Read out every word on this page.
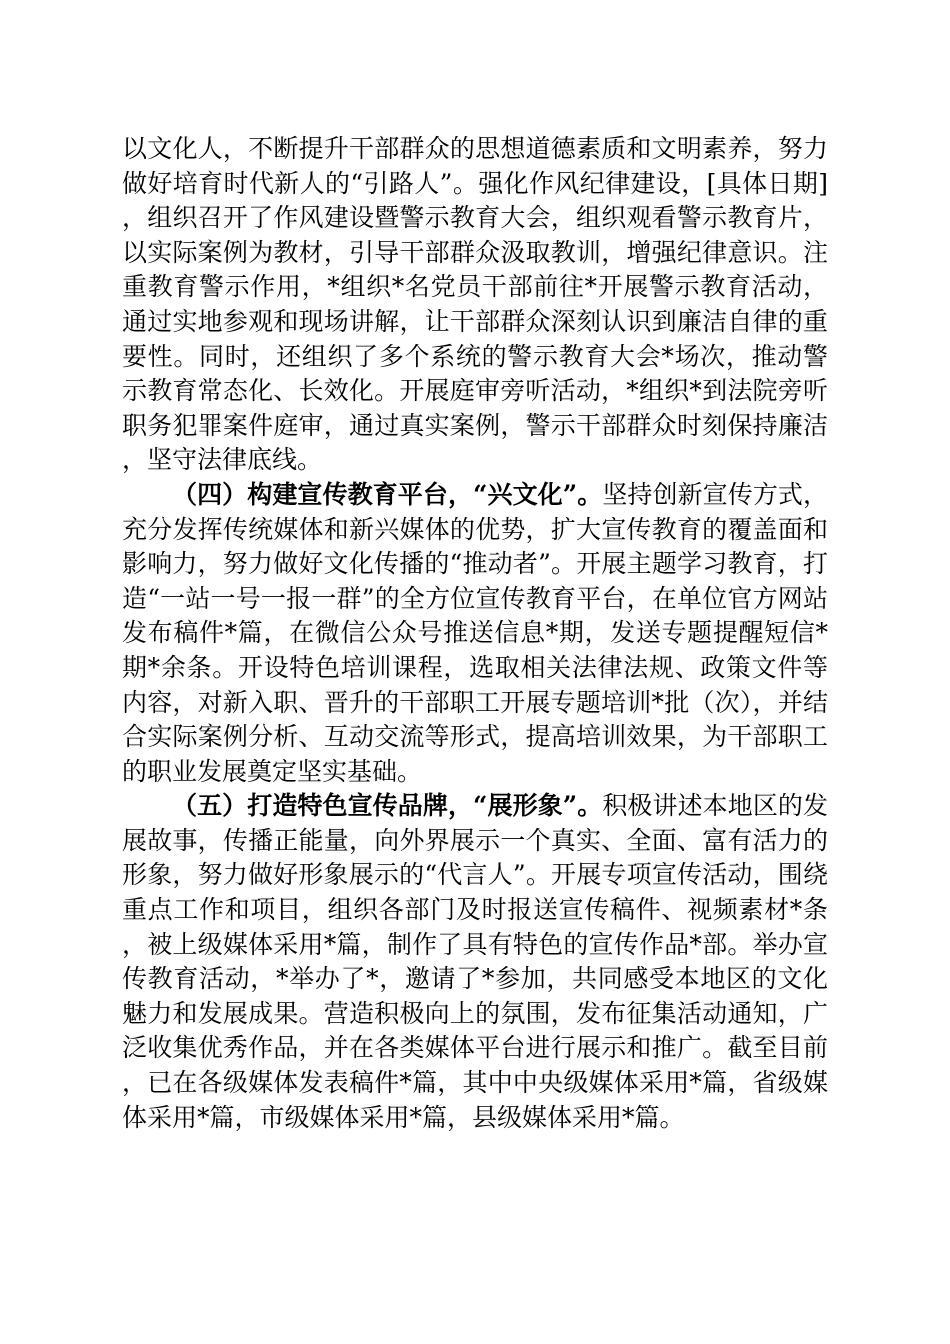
以文化人，不断提升干部群众的思想道德素质和文明素养，努力做好培育时代新人的“引路人”。强化作风纪律建设，[具体日期]，组织召开了作风建设暨警示教育大会，组织观看警示教育片，以实际案例为教材，引导干部群众汲取教训，增强纪律意识。注重教育警示作用，*组织*名党员干部前往*开展警示教育活动，通过实地参观和现场讲解，让干部群众深刻认识到廉洁自律的重要性。同时，还组织了多个系统的警示教育大会*场次，推动警示教育常态化、长效化。开展庭审旁听活动，*组织*到法院旁听职务犯罪案件庭审，通过真实案例，警示干部群众时刻保持廉洁，坚守法律底线。

（四）构建宣传教育平台，“兴文化”。坚持创新宣传方式，充分发挥传统媒体和新兴媒体的优势，扩大宣传教育的覆盖面和影响力，努力做好文化传播的“推动者”。开展主题学习教育，打造“一站一号一报一群”的全方位宣传教育平台，在单位官方网站发布稿件*篇，在微信公众号推送信息*期，发送专题提醒短信*期*余条。开设特色培训课程，选取相关法律法规、政策文件等内容，对新入职、晋升的干部职工开展专题培训*批（次），并结合实际案例分析、互动交流等形式，提高培训效果，为干部职工的职业发展奠定坚实基础。

（五）打造特色宣传品牌，“展形象”。积极讲述本地区的发展故事，传播正能量，向外界展示一个真实、全面、富有活力的形象，努力做好形象展示的“代言人”。开展专项宣传活动，围绕重点工作和项目，组织各部门及时报送宣传稿件、视频素材*条，被上级媒体采用*篇，制作了具有特色的宣传作品*部。举办宣传教育活动，*举办了*，邀请了*参加，共同感受本地区的文化魅力和发展成果。营造积极向上的氛围，发布征集活动通知，广泛收集优秀作品，并在各类媒体平台进行展示和推广。截至目前，已在各级媒体发表稿件*篇，其中中央级媒体采用*篇，省级媒体采用*篇，市级媒体采用*篇，县级媒体采用*篇。
